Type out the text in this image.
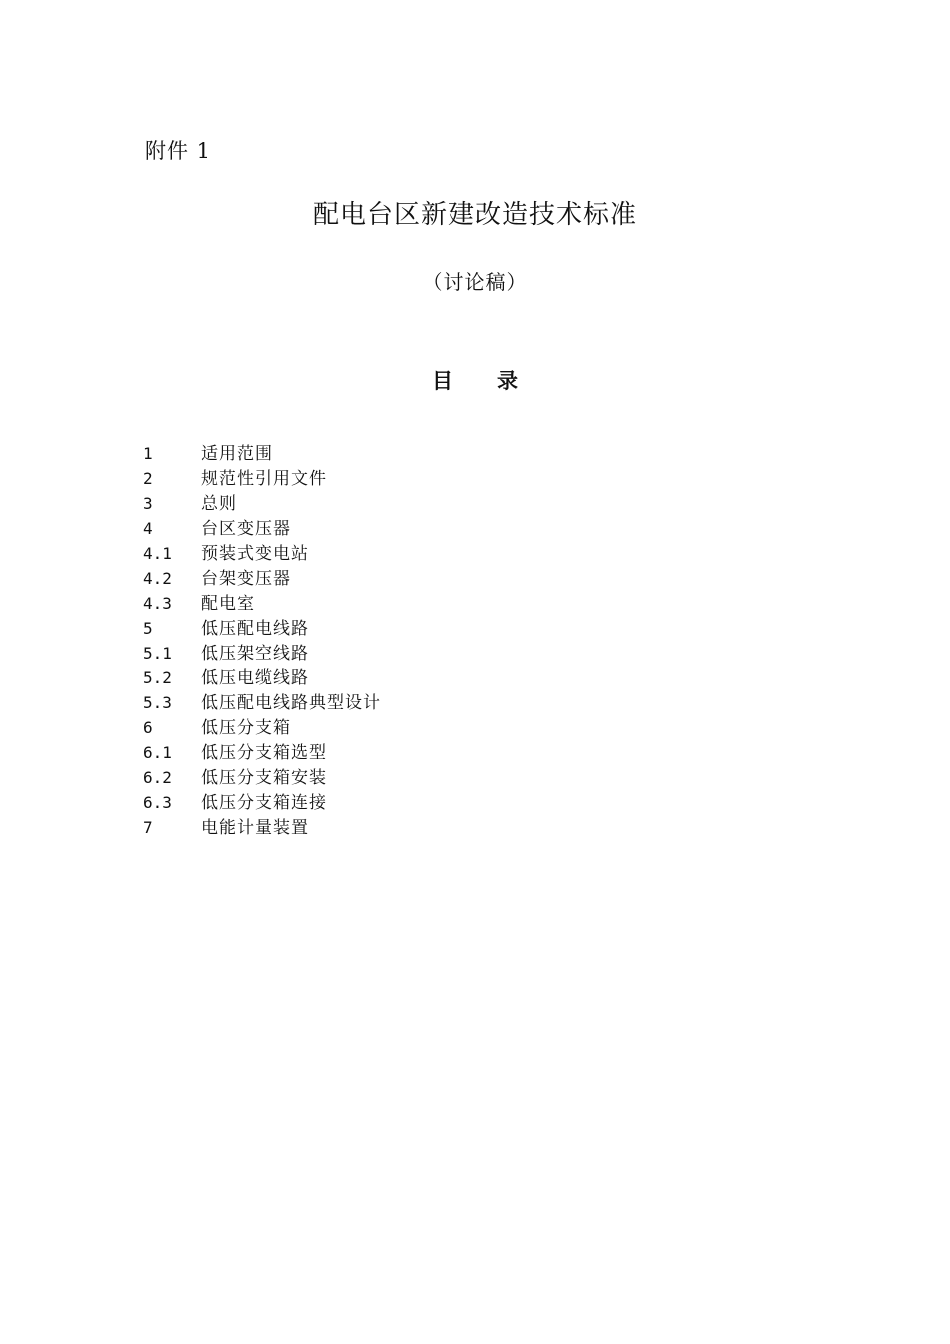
附件 1
配电台区新建改造技术标准
（讨论稿）
目录
1	适用范围
2	规范性引用文件
3	总则
4	台区变压器
4.1	预装式变电站
4.2	台架变压器
4.3	配电室
5	低压配电线路
5.1	低压架空线路
5.2	低压电缆线路
5.3	低压配电线路典型设计
6	低压分支箱
6.1	低压分支箱选型
6.2	低压分支箱安装
6.3	低压分支箱连接
7	电能计量装置
